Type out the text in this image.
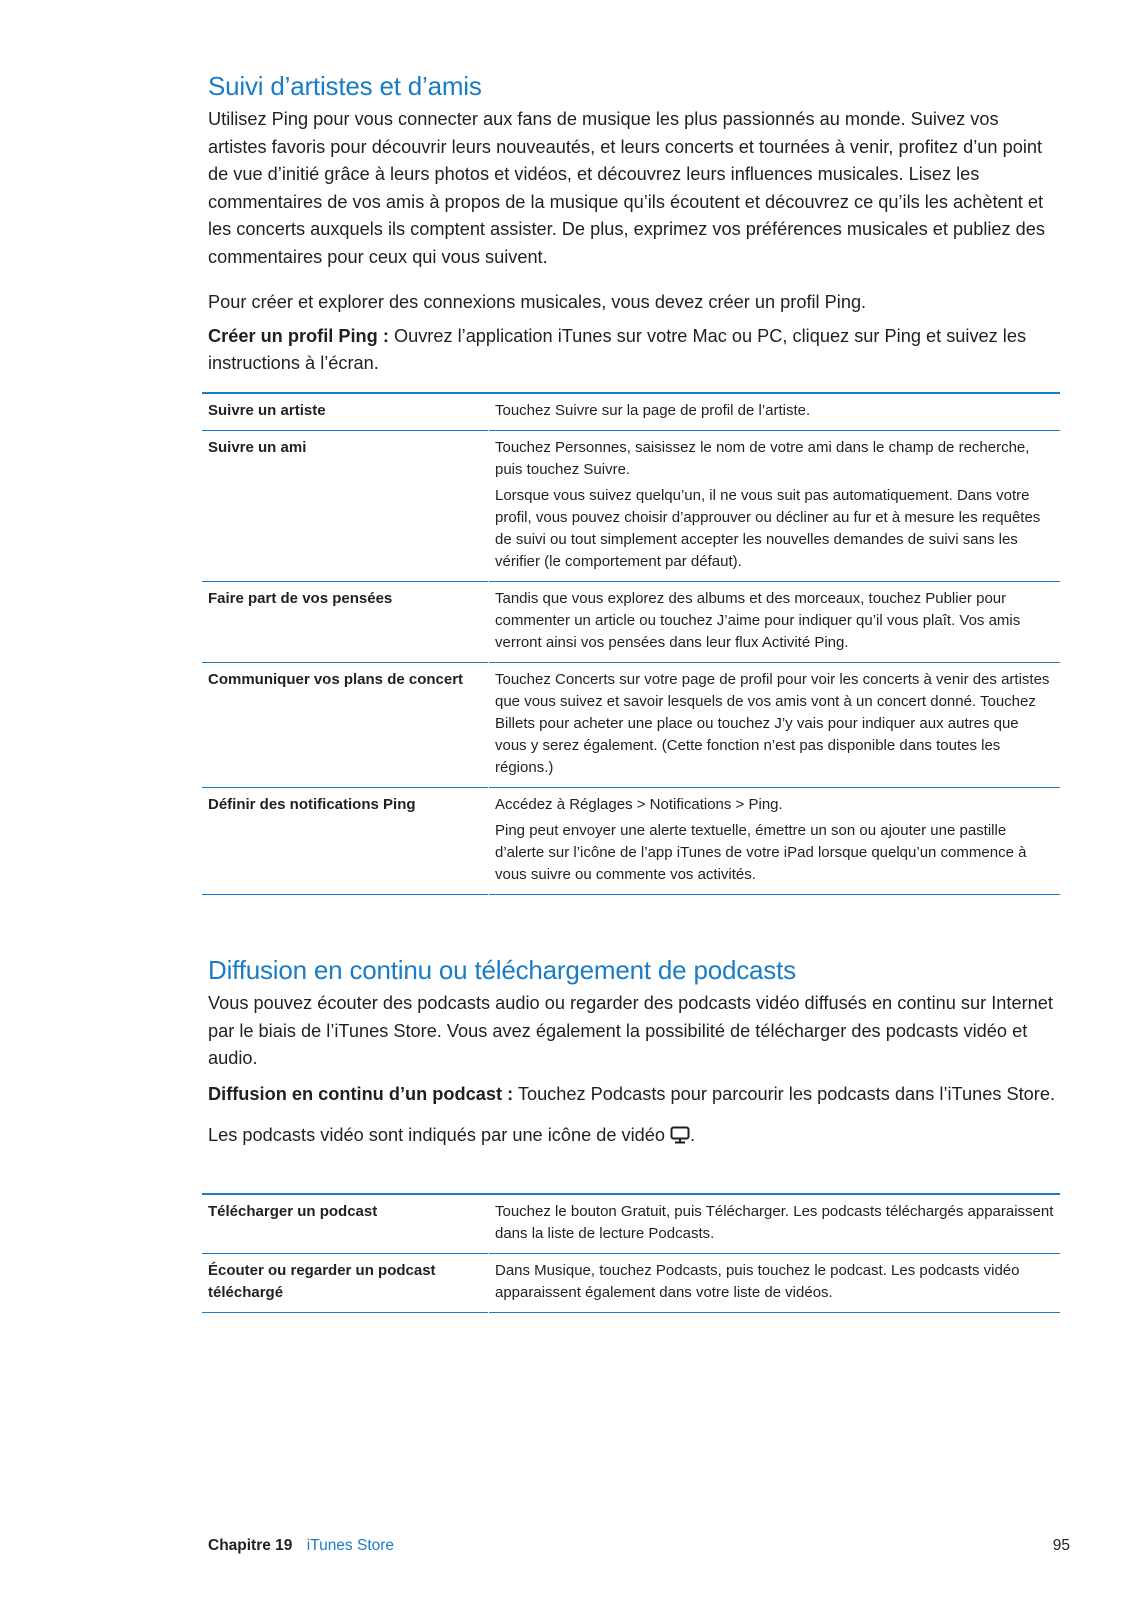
Suivi d’artistes et d’amis

Utilisez Ping pour vous connecter aux fans de musique les plus passionnés au monde. Suivez vos artistes favoris pour découvrir leurs nouveautés, et leurs concerts et tournées à venir, profitez d’un point de vue d’initié grâce à leurs photos et vidéos, et découvrez leurs influences musicales. Lisez les commentaires de vos amis à propos de la musique qu’ils écoutent et découvrez ce qu’ils les achètent et les concerts auxquels ils comptent assister. De plus, exprimez vos préférences musicales et publiez des commentaires pour ceux qui vous suivent.

Pour créer et explorer des connexions musicales, vous devez créer un profil Ping.

Créer un profil Ping : Ouvrez l’application iTunes sur votre Mac ou PC, cliquez sur Ping et suivez les instructions à l’écran.

Suivre un artiste	Touchez Suivre sur la page de profil de l’artiste.

Suivre un ami	Touchez Personnes, saisissez le nom de votre ami dans le champ de recherche, puis touchez Suivre.
Lorsque vous suivez quelqu’un, il ne vous suit pas automatiquement. Dans votre profil, vous pouvez choisir d’approuver ou décliner au fur et à mesure les requêtes de suivi ou tout simplement accepter les nouvelles demandes de suivi sans les vérifier (le comportement par défaut).

Faire part de vos pensées	Tandis que vous explorez des albums et des morceaux, touchez Publier pour commenter un article ou touchez J’aime pour indiquer qu’il vous plaît. Vos amis verront ainsi vos pensées dans leur flux Activité Ping.

Communiquer vos plans de concert	Touchez Concerts sur votre page de profil pour voir les concerts à venir des artistes que vous suivez et savoir lesquels de vos amis vont à un concert donné. Touchez Billets pour acheter une place ou touchez J’y vais pour indiquer aux autres que vous y serez également. (Cette fonction n’est pas disponible dans toutes les régions.)

Définir des notifications Ping	Accédez à Réglages > Notifications > Ping.
Ping peut envoyer une alerte textuelle, émettre un son ou ajouter une pastille d’alerte sur l’icône de l’app iTunes de votre iPad lorsque quelqu’un commence à vous suivre ou commente vos activités.
Diffusion en continu ou téléchargement de podcasts

Vous pouvez écouter des podcasts audio ou regarder des podcasts vidéo diffusés en continu sur Internet par le biais de l’iTunes Store. Vous avez également la possibilité de télécharger des podcasts vidéo et audio.

Diffusion en continu d’un podcast : Touchez Podcasts pour parcourir les podcasts dans l’iTunes Store.

Les podcasts vidéo sont indiqués par une icône de vidéo .

Télécharger un podcast	Touchez le bouton Gratuit, puis Télécharger. Les podcasts téléchargés apparaissent dans la liste de lecture Podcasts.

Écouter ou regarder un podcast téléchargé	Dans Musique, touchez Podcasts, puis touchez le podcast. Les podcasts vidéo apparaissent également dans votre liste de vidéos.
Chapitre 19 iTunes Store	95
